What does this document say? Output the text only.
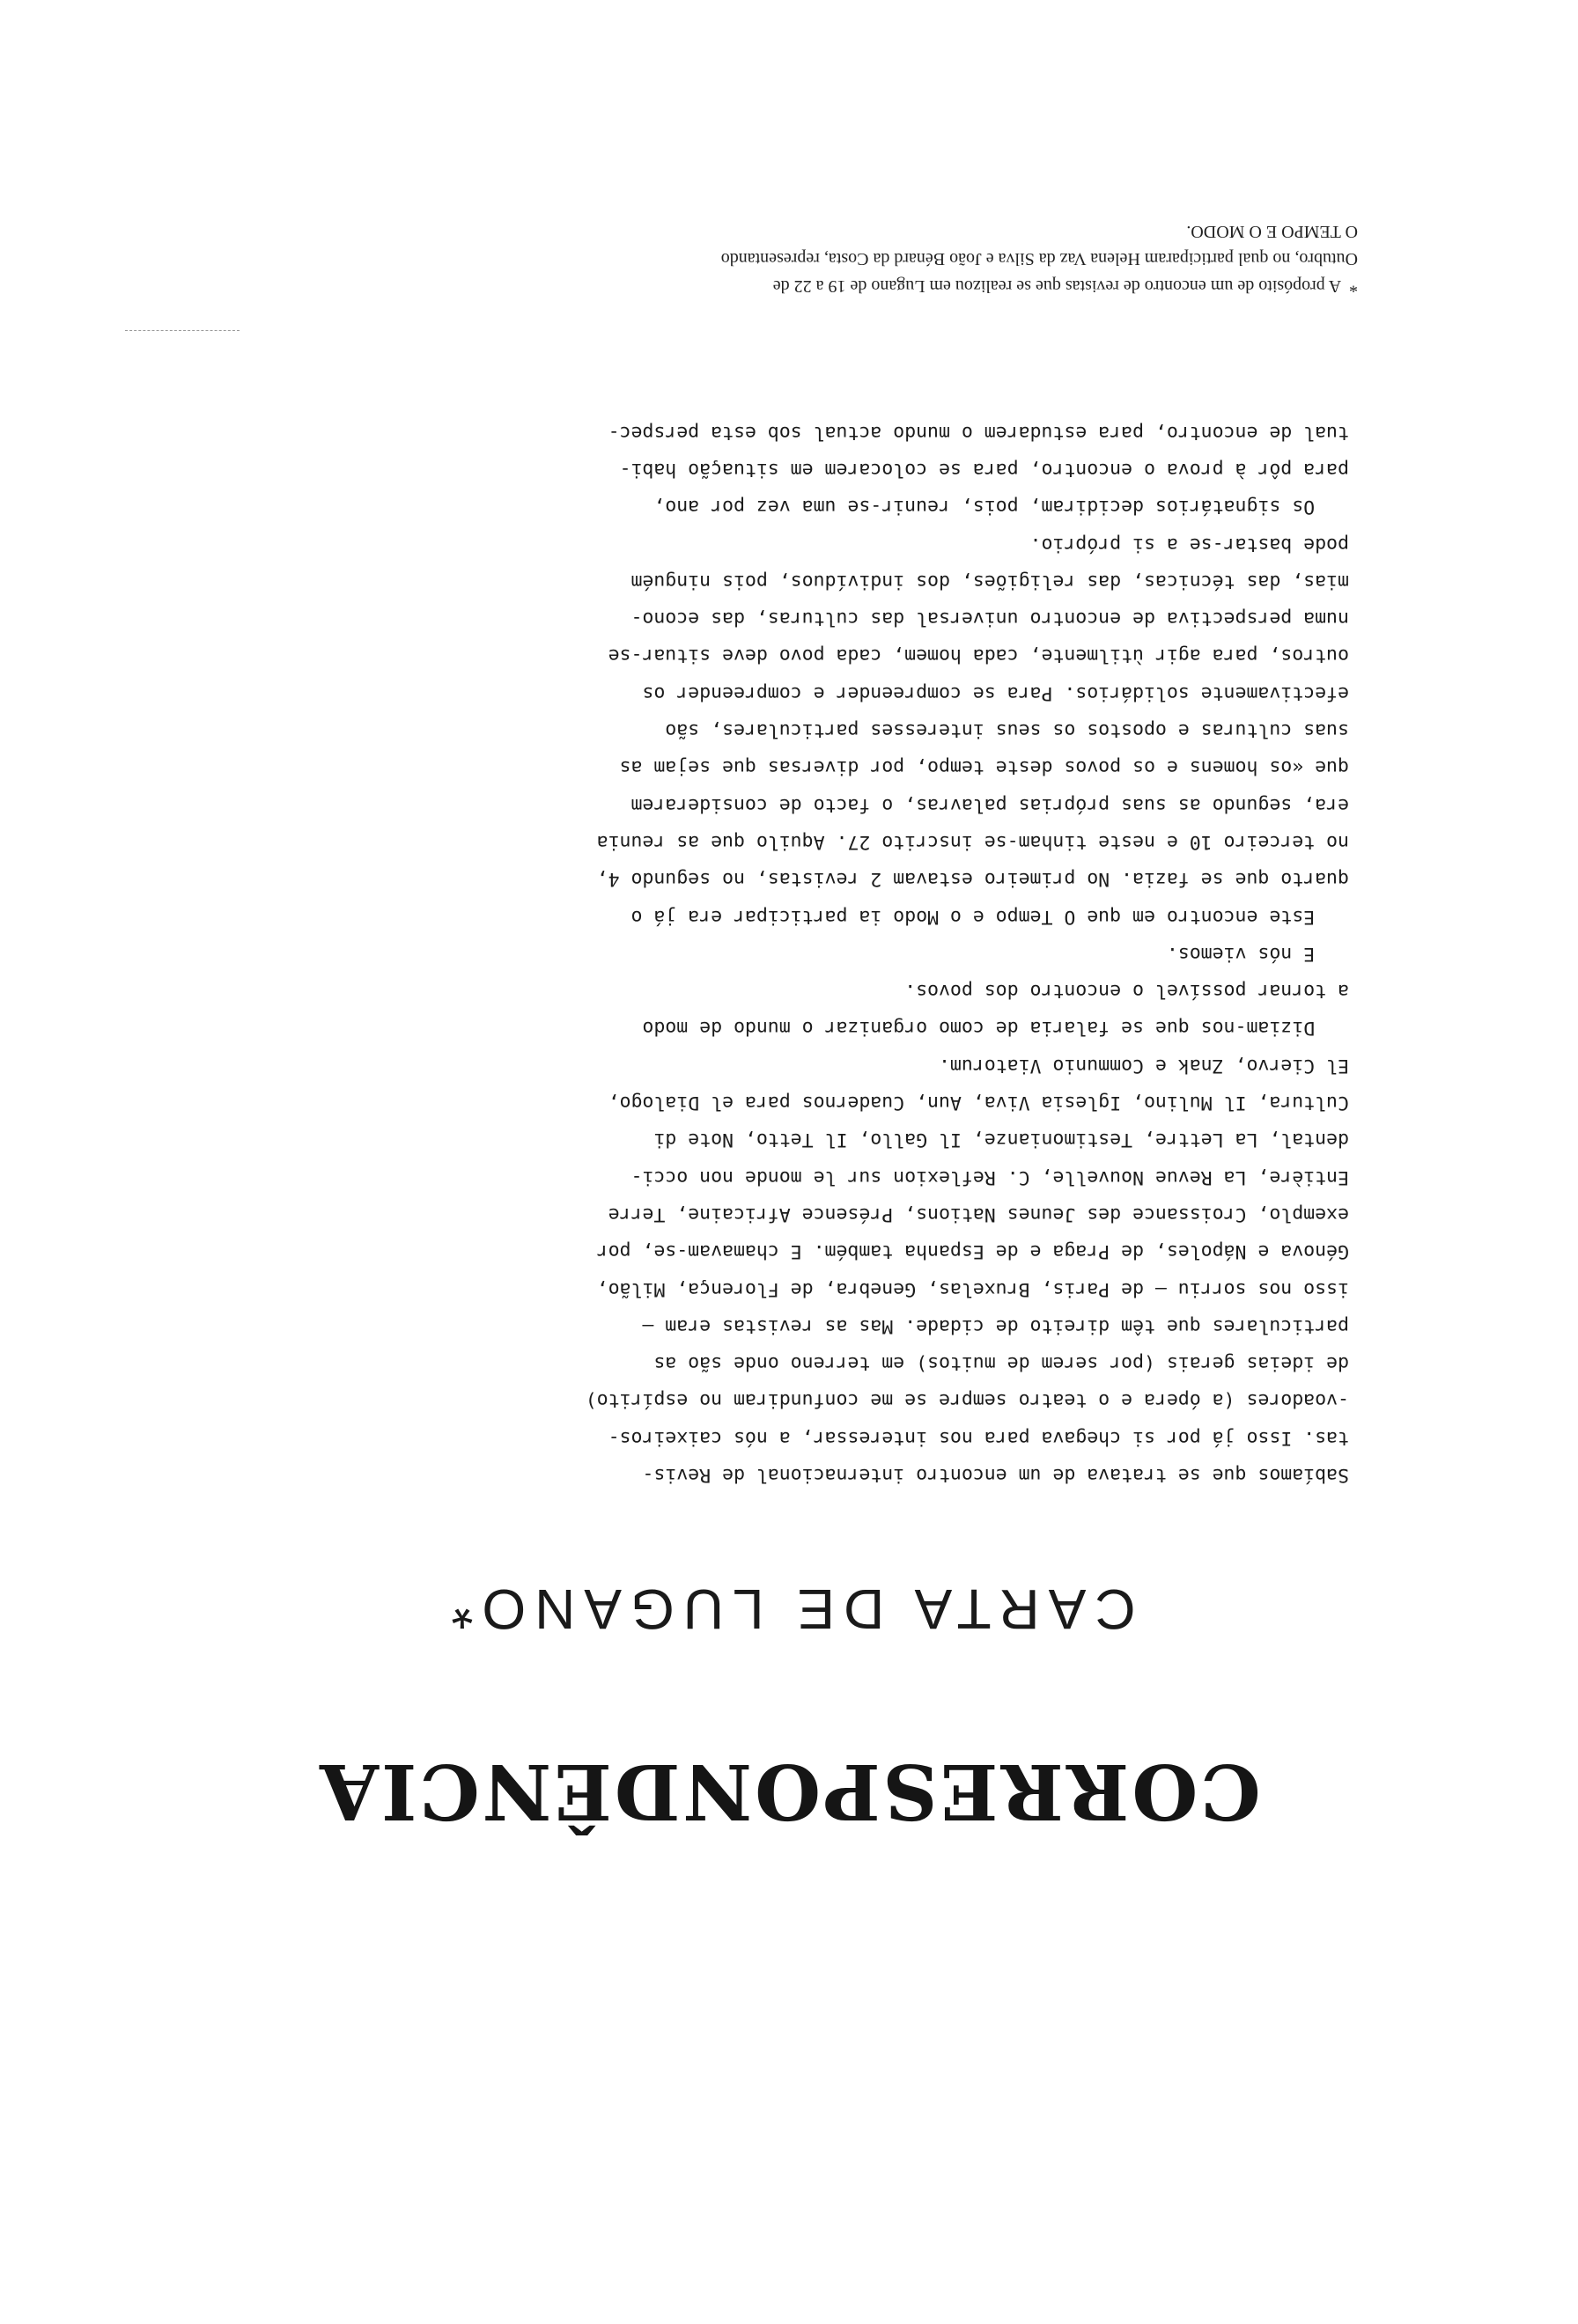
CORRESPONDÊNCIA
CARTA DE LUGANO*
Sabíamos que se tratava de um encontro internacional de Revis-
tas. Isso já por si chegava para nos interessar, a nós caixeiros-
-voadores (a ópera e o teatro sempre se me confundiram no espírito)
de ideias gerais (por serem de muitos) em terreno onde são as
particulares que têm direito de cidade. Mas as revistas eram —
isso nos sorriu — de Paris, Bruxelas, Genebra, de Florença, Milão,
Génova e Nápoles, de Praga e de Espanha também. E chamavam-se, por
exemplo, Croissance des Jeunes Nations, Présence Africaine, Terre
Entière, La Revue Nouvelle, C. Reflexion sur le monde non occi-
dental, La Lettre, Testimonianze, Il Gallo, Il Tetto, Note di
Cultura, Il Mulino, Iglesia Viva, Aun, Cuadernos para el Dialogo,
El Ciervo, Znak e Communio Viatorum.
Diziam-nos que se falaria de como organizar o mundo de modo
a tornar possível o encontro dos povos.
E nós viemos.
Este encontro em que O Tempo e o Modo ia participar era já o
quarto que se fazia. No primeiro estavam 2 revistas, no segundo 4,
no terceiro 10 e neste tinham-se inscrito 27. Aquilo que as reunia
era, segundo as suas próprias palavras, o facto de considerarem
que «os homens e os povos deste tempo, por diversas que sejam as
suas culturas e opostos os seus interesses particulares, são
efectivamente solidários. Para se compreender e compreender os
outros, para agir ùtilmente, cada homem, cada povo deve situar-se
numa perspectiva de encontro universal das culturas, das econo-
mias, das técnicas, das religiões, dos indivíduos, pois ninguém
pode bastar-se a si próprio.
Os signatários decidiram, pois, reunir-se uma vez por ano,
para pôr à prova o encontro, para se colocarem em situação habi-
tual de encontro, para estudarem o mundo actual sob esta perspec-
*  A propósito de um encontro de revistas que se realizou em Lugano de 19 a 22 de
Outubro, no qual participaram Helena Vaz da Silva e João Bénard da Costa, representando
O TEMPO E O MODO.
